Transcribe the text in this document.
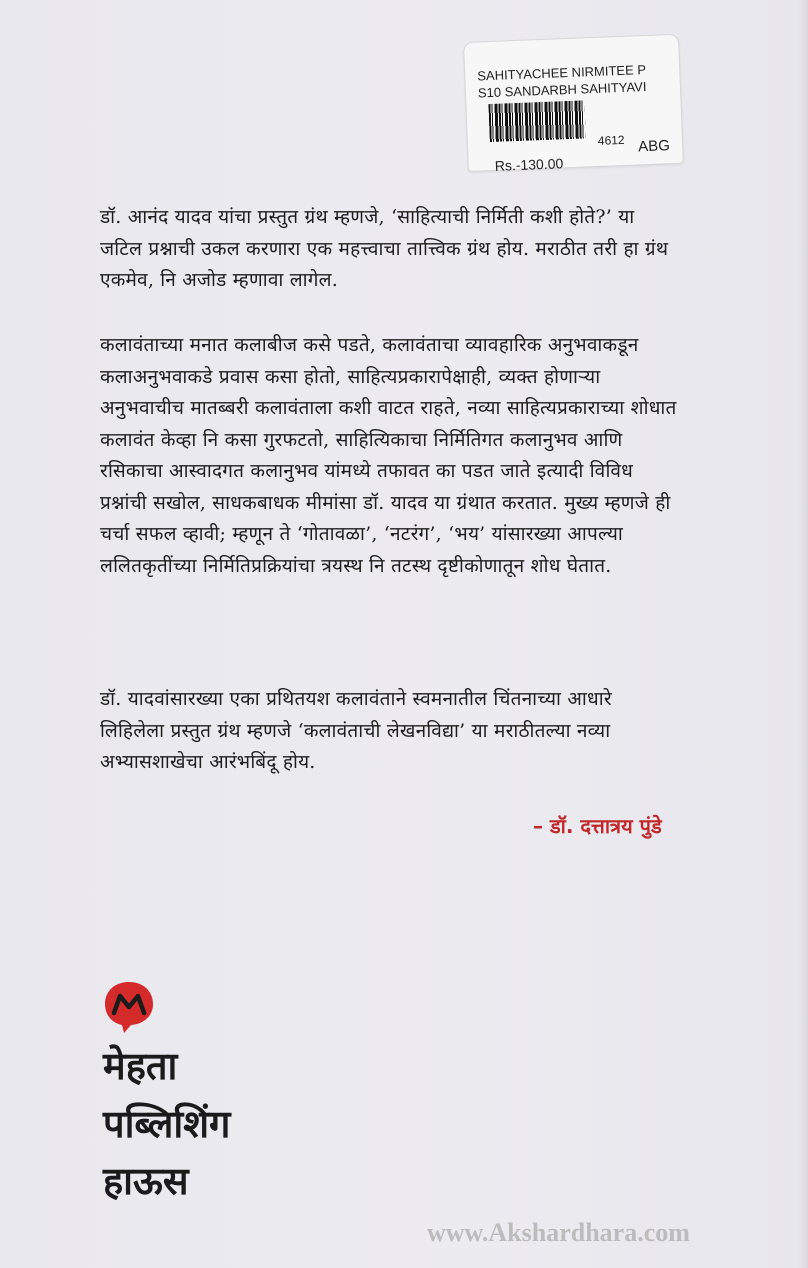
SAHITYACHEE NIRMITEE P
S10 SANDARBH SAHITYAVI
4612 ABG
Rs.-130.00

डॉ. आनंद यादव यांचा प्रस्तुत ग्रंथ म्हणजे, ‘साहित्याची निर्मिती कशी होते?’ या जटिल प्रश्नाची उकल करणारा एक महत्त्वाचा तात्त्विक ग्रंथ होय. मराठीत तरी हा ग्रंथ एकमेव, नि अजोड म्हणावा लागेल.

कलावंताच्या मनात कलाबीज कसे पडते, कलावंताचा व्यावहारिक अनुभवाकडून कलाअनुभवाकडे प्रवास कसा होतो, साहित्यप्रकारापेक्षाही, व्यक्त होणाऱ्या अनुभवाचीच मातब्बरी कलावंताला कशी वाटत राहते, नव्या साहित्यप्रकाराच्या शोधात कलावंत केव्हा नि कसा गुरफटतो, साहित्यिकाचा निर्मितिगत कलानुभव आणि रसिकाचा आस्वादगत कलानुभव यांमध्ये तफावत का पडत जाते इत्यादी विविध प्रश्नांची सखोल, साधकबाधक मीमांसा डॉ. यादव या ग्रंथात करतात. मुख्य म्हणजे ही चर्चा सफल व्हावी; म्हणून ते ‘गोतावळा’, ‘नटरंग’, ‘भय’ यांसारख्या आपल्या ललितकृतींच्या निर्मितिप्रक्रियांचा त्रयस्थ नि तटस्थ दृष्टीकोणातून शोध घेतात.

डॉ. यादवांसारख्या एका प्रथितयश कलावंताने स्वमनातील चिंतनाच्या आधारे लिहिलेला प्रस्तुत ग्रंथ म्हणजे ‘कलावंताची लेखनविद्या’ या मराठीतल्या नव्या अभ्यासशाखेचा आरंभबिंदू होय.

– डॉ. दत्तात्रय पुंडे
मेहता
पब्लिशिंग
हाऊस
www.Akshardhara.com
